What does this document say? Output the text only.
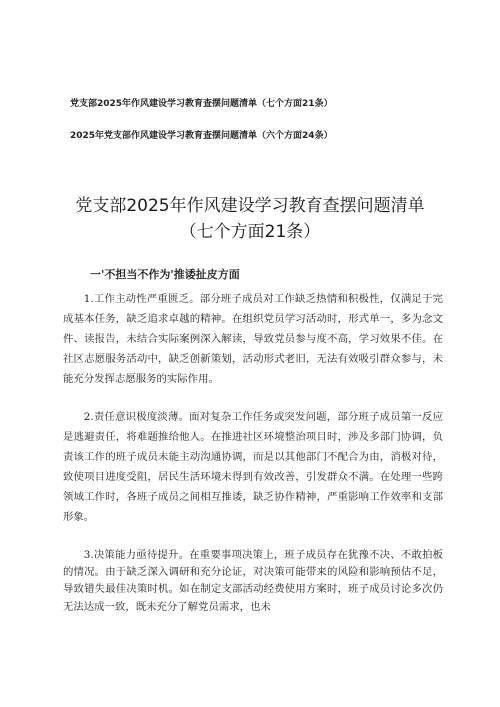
党支部2025年作风建设学习教育查摆问题清单（七个方面21条）
2025年党支部作风建设学习教育查摆问题清单（六个方面24条）
党支部2025年作风建设学习教育查摆问题清单（七个方面21条）
一'不担当不作为'推诿扯皮方面

1.工作主动性严重匮乏。部分班子成员对工作缺乏热情和积极性，仅满足于完成基本任务，缺乏追求卓越的精神。在组织党员学习活动时，形式单一，多为念文件、读报告，未结合实际案例深入解读，导致党员参与度不高，学习效果不佳。在社区志愿服务活动中，缺乏创新策划，活动形式老旧，无法有效吸引群众参与，未能充分发挥志愿服务的实际作用。

2.责任意识极度淡薄。面对复杂工作任务或突发问题，部分班子成员第一反应是逃避责任，将难题推给他人。在推进社区环境整治项目时，涉及多部门协调，负责该工作的班子成员未能主动沟通协调，而是以其他部门不配合为由，消极对待，致使项目进度受阻，居民生活环境未得到有效改善，引发群众不满。在处理一些跨领域工作时，各班子成员之间相互推诿，缺乏协作精神，严重影响工作效率和支部形象。

3.决策能力亟待提升。在重要事项决策上，班子成员存在犹豫不决、不敢拍板的情况。由于缺乏深入调研和充分论证，对决策可能带来的风险和影响预估不足，导致错失最佳决策时机。如在制定支部活动经费使用方案时，班子成员讨论多次仍无法达成一致，既未充分了解党员需求，也未
